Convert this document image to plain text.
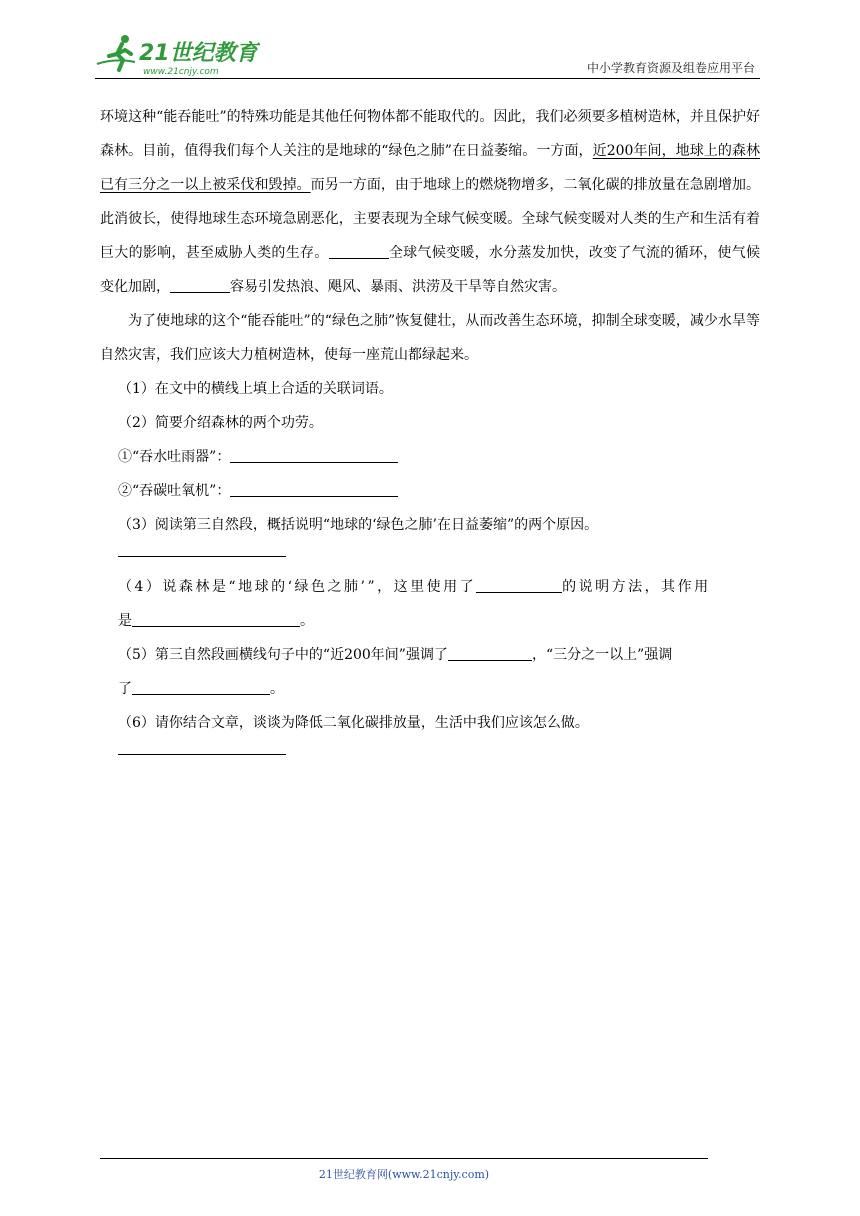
21世纪教育
www.21cnjy.com	中小学教育资源及组卷应用平台

环境这种“能吞能吐”的特殊功能是其他任何物体都不能取代的。因此，我们必须要多植树造林，并且保护好森林。目前，值得我们每个人关注的是地球的“绿色之肺”在日益萎缩。一方面，近200年间，地球上的森林已有三分之一以上被采伐和毁掉。而另一方面，由于地球上的燃烧物增多，二氧化碳的排放量在急剧增加。此消彼长，使得地球生态环境急剧恶化，主要表现为全球气候变暖。全球气候变暖对人类的生产和生活有着巨大的影响，甚至威胁人类的生存。	全球气候变暖，水分蒸发加快，改变了气流的循环，使气候变化加剧，	容易引发热浪、飓风、暴雨、洪涝及干旱等自然灾害。

为了使地球的这个“能吞能吐”的“绿色之肺”恢复健壮，从而改善生态环境，抑制全球变暖，减少水旱等自然灾害，我们应该大力植树造林，使每一座荒山都绿起来。

（1）在文中的横线上填上合适的关联词语。

（2）简要介绍森林的两个功劳。

①“吞水吐雨器”：

②“吞碳吐氧机”：

（3）阅读第三自然段，概括说明“地球的‘绿色之肺’在日益萎缩”的两个原因。

（4）说森林是“地球的‘绿色之肺’”，这里使用了	的说明方法，其作用

是	。

（5）第三自然段画横线句子中的“近200年间”强调了	，“三分之一以上”强调

了	。

（6）请你结合文章，谈谈为降低二氧化碳排放量，生活中我们应该怎么做。

21世纪教育网(www.21cnjy.com)
